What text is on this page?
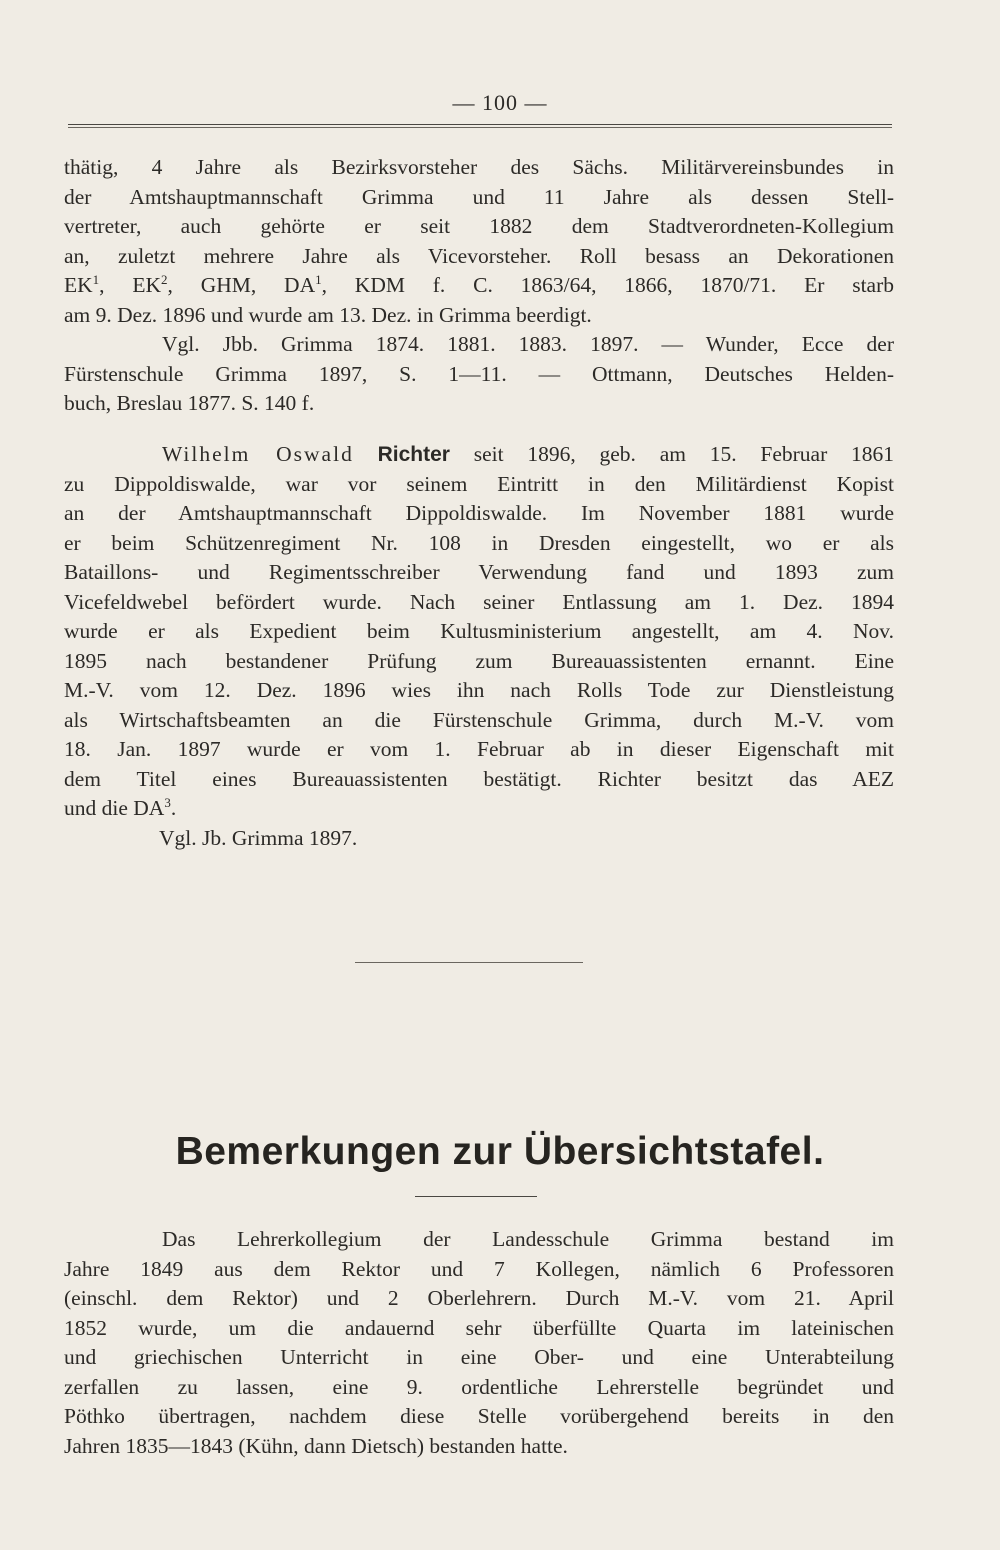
— 100 —
thätig, 4 Jahre als Bezirksvorsteher des Sächs. Militärvereinsbundes in
der Amtshauptmannschaft Grimma und 11 Jahre als dessen Stell-
vertreter, auch gehörte er seit 1882 dem Stadtverordneten-Kollegium
an, zuletzt mehrere Jahre als Vicevorsteher. Roll besass an Dekorationen
$EK^1$, $EK^2$, GHM, $DA^1$, KDM f. C. 1863/64, 1866, 1870/71. Er starb
am 9. Dez. 1896 und wurde am 13. Dez. in Grimma beerdigt.
Vgl. Jbb. Grimma 1874. 1881. 1883. 1897. — Wunder, Ecce der
Fürstenschule Grimma 1897, S. 1—11. — Ottmann, Deutsches Helden-
buch, Breslau 1877. S. 140 f.
Wilhelm Oswald Richter seit 1896, geb. am 15. Februar 1861
zu Dippoldiswalde, war vor seinem Eintritt in den Militärdienst Kopist
an der Amtshauptmannschaft Dippoldiswalde. Im November 1881 wurde
er beim Schützenregiment Nr. 108 in Dresden eingestellt, wo er als
Bataillons- und Regimentsschreiber Verwendung fand und 1893 zum
Vicefeldwebel befördert wurde. Nach seiner Entlassung am 1. Dez. 1894
wurde er als Expedient beim Kultusministerium angestellt, am 4. Nov.
1895 nach bestandener Prüfung zum Bureauassistenten ernannt. Eine
M.-V. vom 12. Dez. 1896 wies ihn nach Rolls Tode zur Dienstleistung
als Wirtschaftsbeamten an die Fürstenschule Grimma, durch M.-V. vom
18. Jan. 1897 wurde er vom 1. Februar ab in dieser Eigenschaft mit
dem Titel eines Bureauassistenten bestätigt. Richter besitzt das AEZ
und die $DA^3$.
Vgl. Jb. Grimma 1897.
Bemerkungen zur Übersichtstafel.
Das Lehrerkollegium der Landesschule Grimma bestand im
Jahre 1849 aus dem Rektor und 7 Kollegen, nämlich 6 Professoren
(einschl. dem Rektor) und 2 Oberlehrern. Durch M.-V. vom 21. April
1852 wurde, um die andauernd sehr überfüllte Quarta im lateinischen
und griechischen Unterricht in eine Ober- und eine Unterabteilung
zerfallen zu lassen, eine 9. ordentliche Lehrerstelle begründet und
Pöthko übertragen, nachdem diese Stelle vorübergehend bereits in den
Jahren 1835—1843 (Kühn, dann Dietsch) bestanden hatte.
